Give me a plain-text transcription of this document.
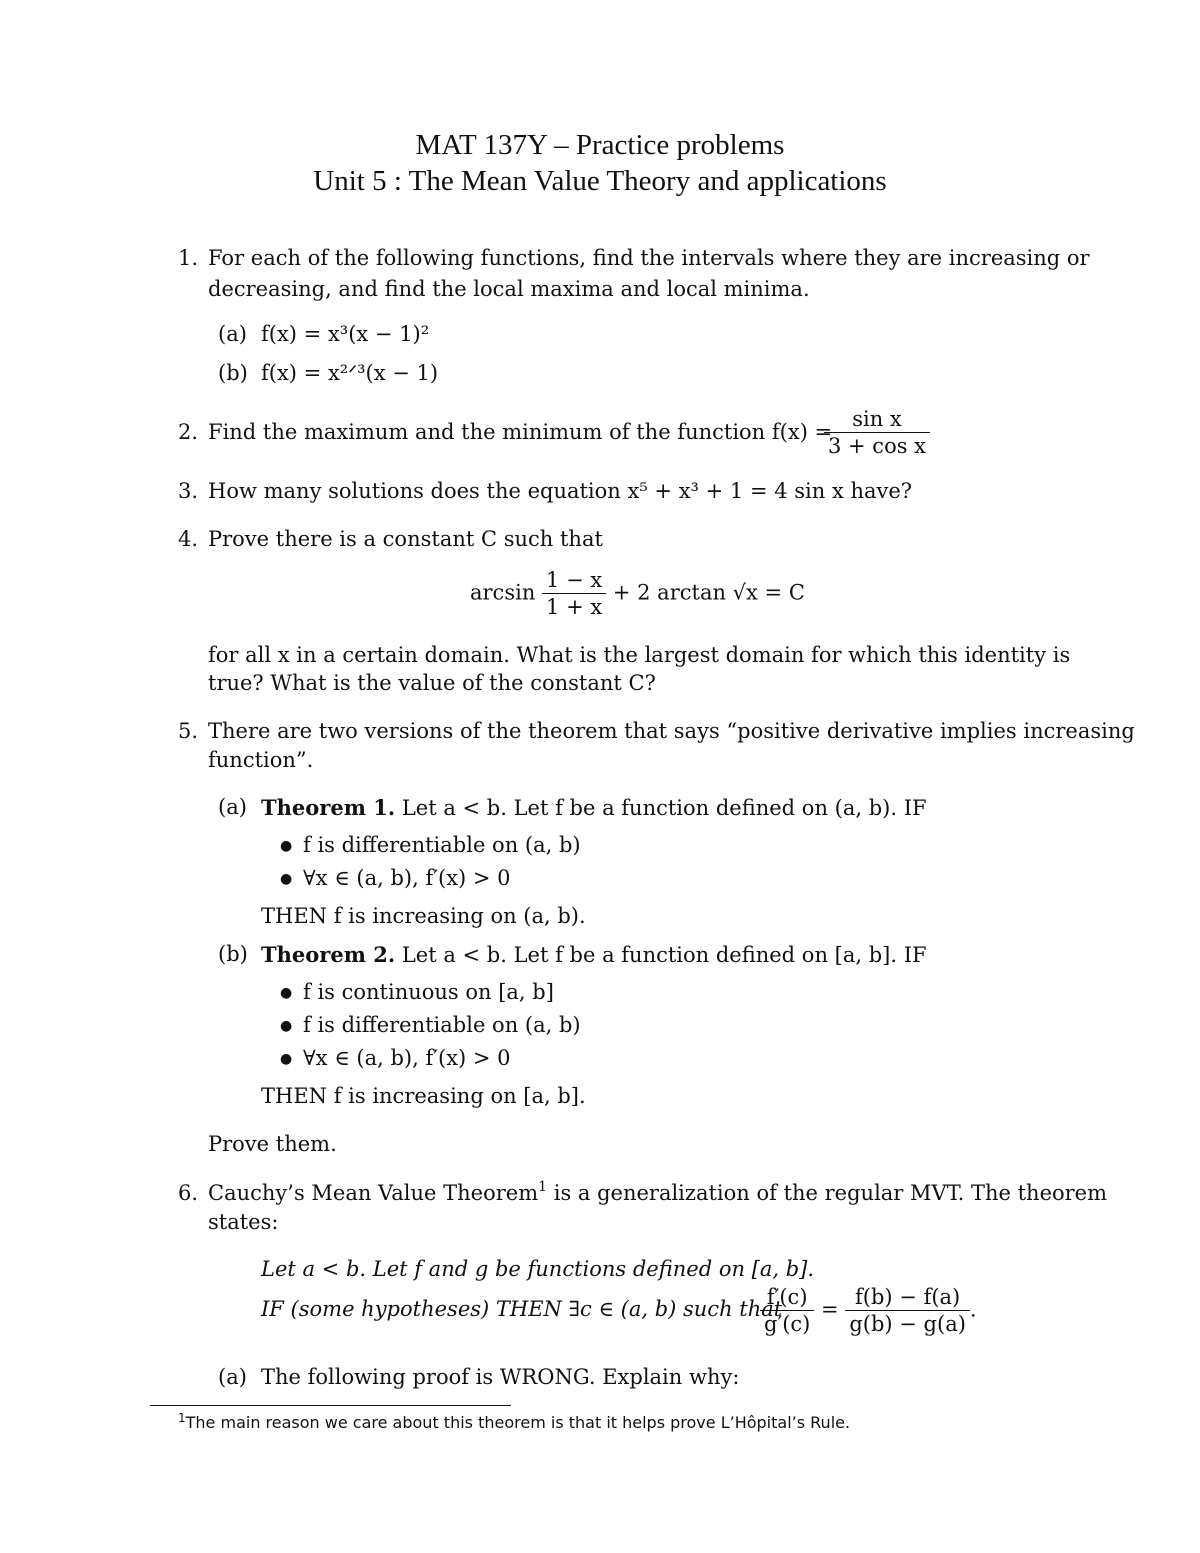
MAT 137Y – Practice problems
Unit 5 : The Mean Value Theory and applications
1. For each of the following functions, find the intervals where they are increasing or
decreasing, and find the local maxima and local minima.
(a) f(x) = x³(x − 1)²
(b) f(x) = x²ᐟ³(x − 1)
2. Find the maximum and the minimum of the function f(x) =
$\frac{\text{sin x}}{\text{3 + cos x}}$
3. How many solutions does the equation x⁵ + x³ + 1 = 4 sin x have?
4. Prove there is a constant C such that
$\arcsin \frac{1 - x}{1 + x} + 2$ arctan √x = C
for all x in a certain domain. What is the largest domain for which this identity is
true? What is the value of the constant C?
5. There are two versions of the theorem that says “positive derivative implies increasing
function”.
(a) Theorem 1. Let a < b. Let f be a function defined on (a, b). IF
● f is differentiable on (a, b)
● ∀x ∈ (a, b), f′(x) > 0
THEN f is increasing on (a, b).
(b) Theorem 2. Let a < b. Let f be a function defined on [a, b]. IF
● f is continuous on [a, b]
● f is differentiable on (a, b)
● ∀x ∈ (a, b), f′(x) > 0
THEN f is increasing on [a, b].
Prove them.
6. Cauchy’s Mean Value Theorem$^1$ is a generalization of the regular MVT. The theorem
states:
Let a < b. Let f and g be functions defined on [a, b].
IF (some hypotheses) THEN ∃c ∈ (a, b) such that
$\frac{f'(c)}{g'(c)} = \frac{f(b) - f(a)}{g(b) - g(a)}$ .
(a) The following proof is WRONG. Explain why:
$^1$The main reason we care about this theorem is that it helps prove L’Hôpital’s Rule.
